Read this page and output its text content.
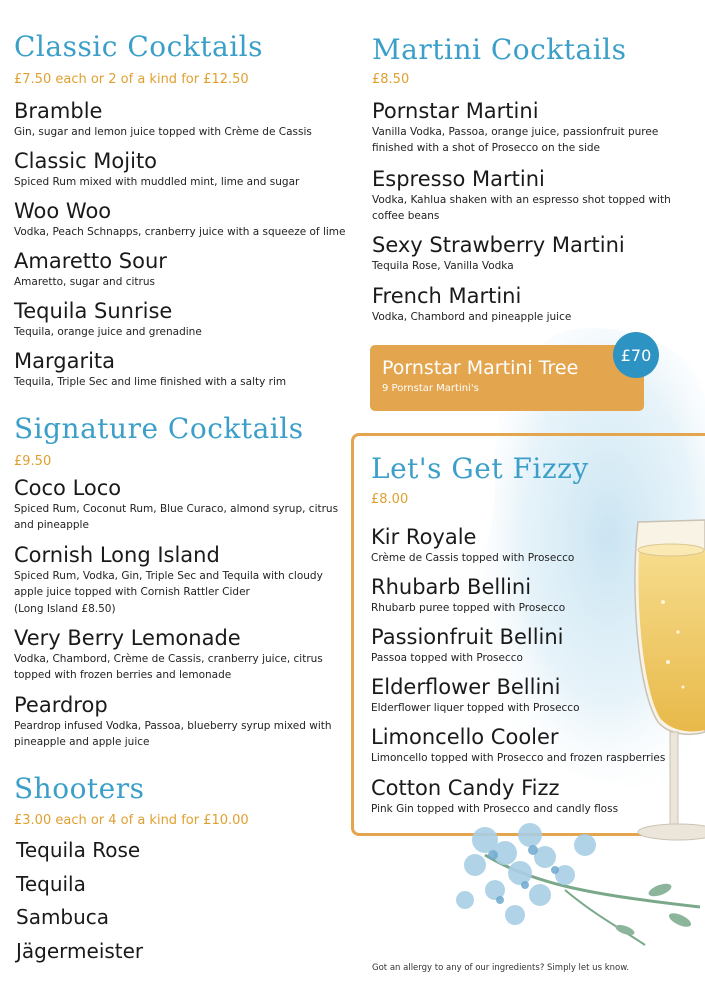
Classic Cocktails
£7.50 each or 2 of a kind for £12.50
Bramble
Gin, sugar and lemon juice topped with Crème de Cassis
Classic Mojito
Spiced Rum mixed with muddled mint, lime and sugar
Woo Woo
Vodka, Peach Schnapps, cranberry juice with a squeeze of lime
Amaretto Sour
Amaretto, sugar and citrus
Tequila Sunrise
Tequila, orange juice and grenadine
Margarita
Tequila, Triple Sec and lime finished with a salty rim
Signature Cocktails
£9.50
Coco Loco
Spiced Rum, Coconut Rum, Blue Curaco, almond syrup, citrus and pineapple
Cornish Long Island
Spiced Rum, Vodka, Gin, Triple Sec and Tequila with cloudy apple juice topped with Cornish Rattler Cider
(Long Island £8.50)
Very Berry Lemonade
Vodka, Chambord, Crème de Cassis, cranberry juice, citrus topped with frozen berries and lemonade
Peardrop
Peardrop infused Vodka, Passoa, blueberry syrup mixed with pineapple and apple juice
Shooters
£3.00 each or 4 of a kind for £10.00
Tequila Rose
Tequila
Sambuca
Jägermeister
Martini Cocktails
£8.50
Pornstar Martini
Vanilla Vodka, Passoa, orange juice, passionfruit puree finished with a shot of Prosecco on the side
Espresso Martini
Vodka, Kahlua shaken with an espresso shot topped with coffee beans
Sexy Strawberry Martini
Tequila Rose, Vanilla Vodka
French Martini
Vodka, Chambord and pineapple juice
Pornstar Martini Tree
9 Pornstar Martini's
£70
Let's Get Fizzy
£8.00
Kir Royale
Crème de Cassis topped with Prosecco
Rhubarb Bellini
Rhubarb puree topped with Prosecco
Passionfruit Bellini
Passoa topped with Prosecco
Elderflower Bellini
Elderflower liquer topped with Prosecco
Limoncello Cooler
Limoncello topped with Prosecco and frozen raspberries
Cotton Candy Fizz
Pink Gin topped with Prosecco and candly floss
Got an allergy to any of our ingredients? Simply let us know.
